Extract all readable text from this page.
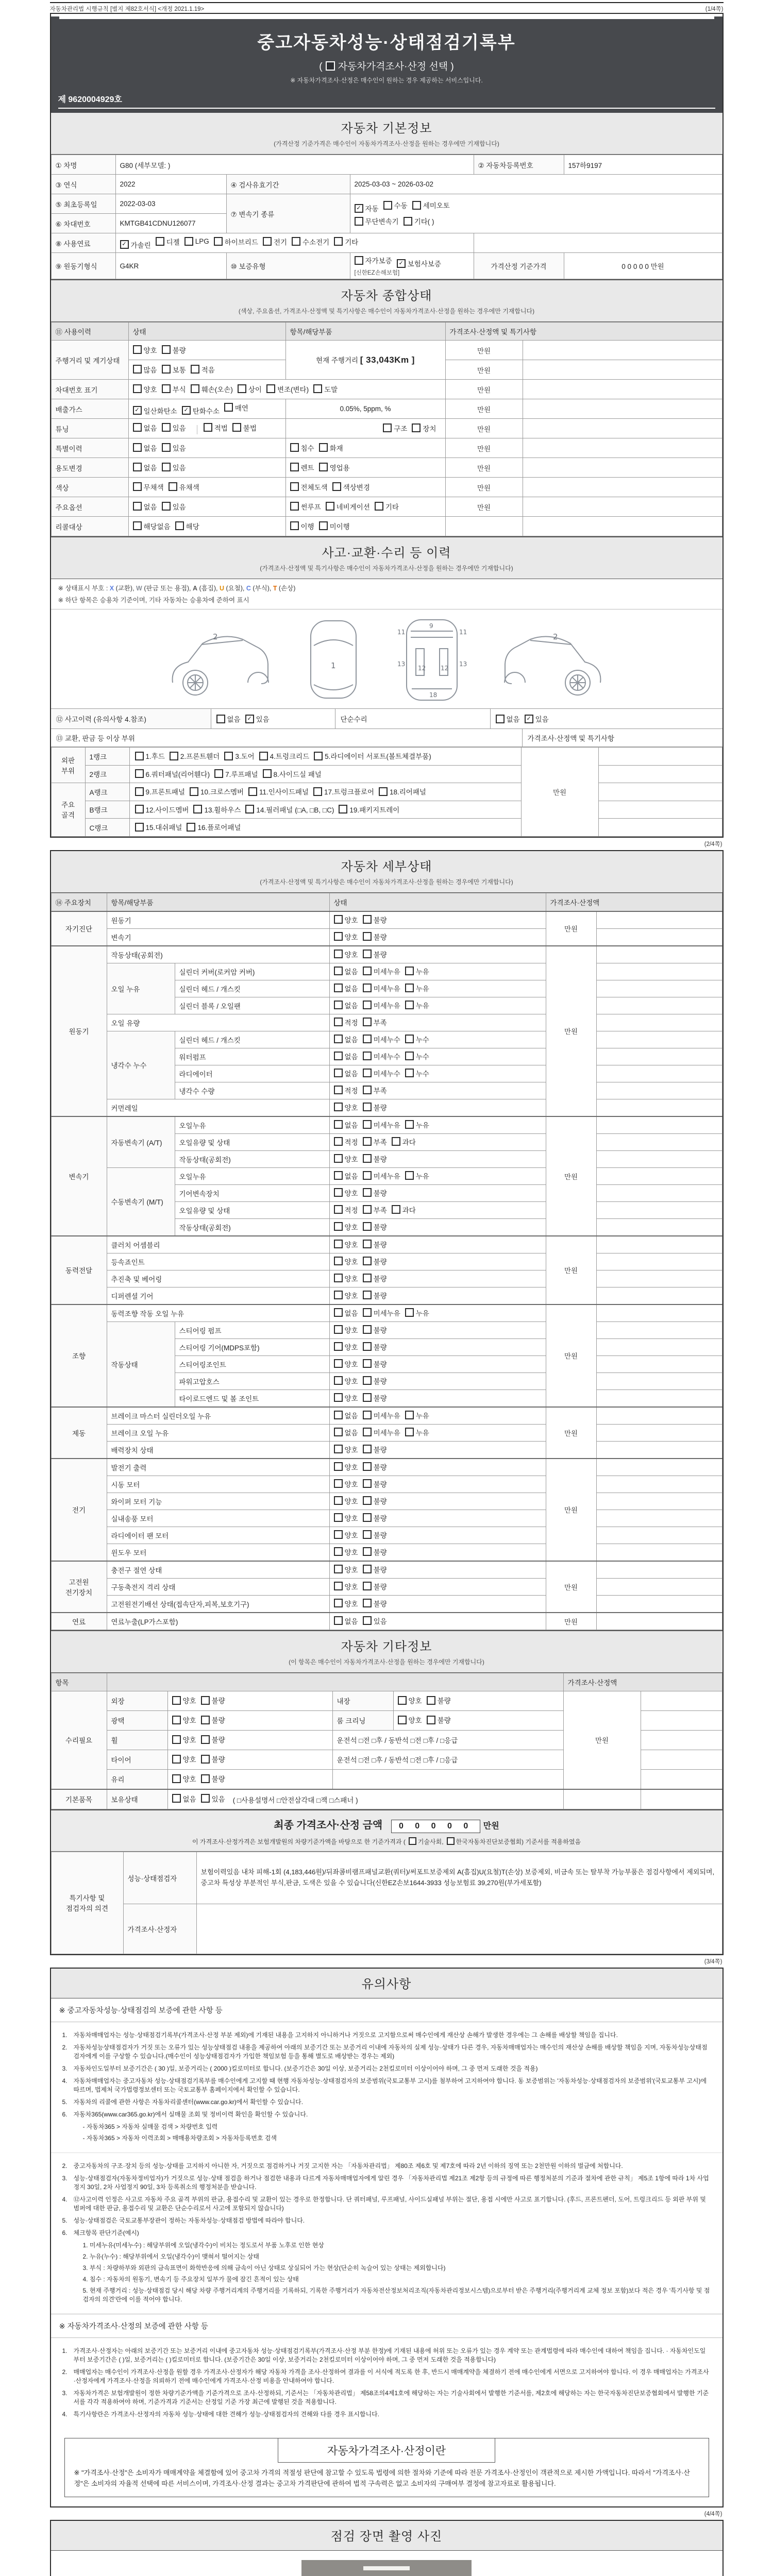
자동차관리법 시행규칙 [별지 제82호서식] <개정 2021.1.19>	(1/4쪽)
중고자동차성능·상태점검기록부
( 자동차가격조사·산정 선택 )
※ 자동차가격조사·산정은 매수인이 원하는 경우 제공하는 서비스입니다.
제 9620004929호
자동차 기본정보
(가격산정 기준가격은 매수인이 자동차가격조사·산정을 원하는 경우에만 기재합니다)
① 차명	G80 (세부모델: )			② 자동차등록번호	157하9197
③ 연식	2022	④ 검사유효기간	2025-03-03 ~ 2026-03-02		
⑤ 최초등록일	2022-03-03	⑦ 변속기 종류	
✓ 자동 수동 세미오토
무단변속기 기타( )

⑥ 차대번호	KMTGB41CDNU126077				
⑧ 사용연료	✓ 가솔린 디젤 LPG 하이브리드 전기 수소전기 기타

⑨ 원동기형식	G4KR	⑩ 보증유형	자가보증 ✓ 보험사보증
[신한EZ손해보험]	가격산정 기준가격	0 0 0 0 0 만원
자동차 종합상태
(색상, 주요옵션, 가격조사·산정액 및 특기사항은 매수인이 자동차가격조사·산정을 원하는 경우에만 기재합니다)
⑪ 사용이력	상태	항목/해당부품	가격조사·산정액 및 특기사항	
주행거리 및 계기상태	양호 불량	현재 주행거리 [ 33,043Km ]	만원	

	많음 보통 적음		만원	
차대번호 표기	양호 부식 훼손(오손) 상이 변조(변타) 도말	만원	
배출가스	✓ 일산화탄소 ✓ 탄화수소 매연	0.05%, 5ppm, %	만원	
튜닝	없음 있음 적법 불법	구조 장치	만원	
특별이력	없음 있음	침수 화재	만원	
용도변경	없음 있음	렌트 영업용	만원	
색상	무채색 유채색	전체도색 색상변경	만원	
주요옵션	없음 있음	썬루프 네비게이션 기타	만원	
리콜대상	해당없음 해당	이행 미이행		

사고·교환·수리 등 이력
(가격조사·산정액 및 특기사항은 매수인이 자동차가격조사·산정을 원하는 경우에만 기재합니다)
※ 상태표시 부호 : X (교환), W (판금 또는 용접), A (흠집), U (요철), C (부식), T (손상)
※ 하단 항목은 승용차 기준이며, 기타 자동차는 승용차에 준하여 표시
2
1
11
9
11
13
12 12
13
18
2
⑫ 사고이력 (유의사항 4.참조)	없음	✓ 있음	단순수리	없음	✓ 있음
⑬ 교환, 판금 등 이상 부위	가격조사·산정액 및 특기사항
외판 부위	1랭크	1.후드 2.프론트휀더 3.도어 4.트렁크리드 5.라디에이터 서포트(볼트체결부품)	만원	
	2랭크	6.쿼터패널(리어휀다) 7.루프패널 8.사이드실 패널		

주요 골격	A랭크	9.프론트패널 10.크로스멤버 11.인사이드패널 17.트렁크플로어 18.리어패널		

	B랭크	12.사이드멤버 13.휠하우스 14.필러패널 (□A, □B, □C) 19.패키지트레이		

	C랭크	15.대쉬패널 16.플로어패널		

(2/4쪽)
자동차 세부상태
(가격조사·산정액 및 특기사항은 매수인이 자동차가격조사·산정을 원하는 경우에만 기재합니다)
⑭ 주요장치	항목/해당부품		상태	가격조사·산정액	
자기진단	원동기		양호 불량	만원	
	변속기		양호 불량		

원동기	작동상태(공회전)		양호 불량	만원	
	오일 누유	실린더 커버(로커암 커버)	없음 미세누유 누유		

		실린더 헤드 / 개스킷	없음 미세누유 누유		

		실린더 블록 / 오일팬	없음 미세누유 누유		

	오일 유량		적정 부족		

	냉각수 누수	실린더 헤드 / 개스킷	없음 미세누수 누수		

		워터펌프	없음 미세누수 누수		

		라디에이터	없음 미세누수 누수		

		냉각수 수량	적정 부족		

	커먼레일		양호 불량		

변속기	자동변속기 (A/T)	오일누유	없음 미세누유 누유	만원	
		오일유량 및 상태	적정 부족 과다		

		작동상태(공회전)	양호 불량		

	수동변속기 (M/T)	오일누유	없음 미세누유 누유		

		기어변속장치	양호 불량		

		오일유량 및 상태	적정 부족 과다		

		작동상태(공회전)	양호 불량		

동력전달	클러치 어셈블리		양호 불량	만원	
	등속죠인트		양호 불량		

	추진축 및 베어링		양호 불량		

	디퍼렌셜 기어		양호 불량		

조향	동력조향 작동 오일 누유		없음 미세누유 누유	만원	
	작동상태	스티어링 펌프	양호 불량		

		스티어링 기어(MDPS포함)	양호 불량		

		스티어링조인트	양호 불량		

		파워고압호스	양호 불량		

		타이로드엔드 및 볼 조인트	양호 불량		

제동	브레이크 마스터 실린더오일 누유		없음 미세누유 누유	만원	
	브레이크 오일 누유		없음 미세누유 누유		

	배력장치 상태		양호 불량		

전기	발전기 출력		양호 불량	만원	
	시동 모터		양호 불량		

	와이퍼 모터 기능		양호 불량		

	실내송풍 모터		양호 불량		

	라디에이터 팬 모터		양호 불량		

	윈도우 모터		양호 불량		

고전원 전기장치	충전구 절연 상태		양호 불량	만원	
	구동축전지 격리 상태		양호 불량		

	고전원전기배선 상태(접속단자,피복,보호기구)		양호 불량		

연료	연료누출(LP가스포함)		없음 있음	만원	
자동차 기타정보
(이 항목은 매수인이 자동차가격조사·산정을 원하는 경우에만 기재합니다)
항목					가격조사·산정액	
수리필요	외장	양호 불량	내장	양호 불량	만원	
	광택	양호 불량	룸 크리닝	양호 불량		

	휠	양호 불량	운전석 □전 □후 / 동반석 □전 □후 / □응급			
	타이어	양호 불량	운전석 □전 □후 / 동반석 □전 □후 / □응급			
	유리	양호 불량				

기본품목	보유상태	없음 있음 ( □사용설명서 □안전삼각대 □잭 □스패너 )				
최종 가격조사·산정 금액 0 0 0 0 0 만원
이 가격조사·산정가격은 보험개발원의 차량기준가액을 바탕으로 한 기준가격과 ( 기술사회, 한국자동차진단보증협회) 기준서를 적용하였음
특기사항 및 점검자의 의견	성능·상태점검자	보험이력있음 내차 피해-1회 (4,183,446원)/뒤좌콤비램프패널교환(쿼터)/써포트보증제외 A(흠집)U(요철)T(손상) 보증제외, 비금속 또는 탈부착 가능부품은 점검사항에서 제외되며, 중고차 특성상 부분적인 부식,판금, 도색은 있을 수 있습니다(신한EZ손보1644-3933 성능보험료 39,270원(부가세포함)
	가격조사·산정자	
(3/4쪽)
유의사항
※ 중고자동차성능·상태점검의 보증에 관한 사항 등
1. 자동차매매업자는 성능·상태점검기록부(가격조사·산정 부분 제외)에 기재된 내용을 고지하지 아니하거나 거짓으로 고지함으로써 매수인에게 재산상 손해가 발생한 경우에는 그 손해를 배상할 책임을 집니다.
2. 자동차성능상태점검자가 거짓 또는 오류가 있는 성능상태점검 내용을 제공하여 아래의 보증기간 또는 보증거리 이내에 자동차의 실제 성능·상태가 다른 경우, 자동차매매업자는 매수인의 재산상 손해를 배상할 책임을 지며, 자동차성능상태점검자에게 이를 구상할 수 있습니다.(매수인이 성능상태점검자가 가입한 책임보험 등을 통해 별도로 배상받는 경우는 제외)
3. 자동차인도일부터 보증기간은 ( 30 )일, 보증거리는 ( 2000 )킬로미터로 합니다. (보증기간은 30일 이상, 보증거리는 2천킬로미터 이상이어야 하며, 그 중 먼저 도래한 것을 적용)
4. 자동차매매업자는 중고자동차 성능·상태점검기록부를 매수인에게 고지할 때 현행 자동차성능·상태점검자의 보증범위(국토교통부 고시)를 첨부하여 고지하여야 합니다. 동 보증범위는 '자동차성능·상태점검자의 보증범위'(국토교통부 고시)에 따르며, 법제처 국가법령정보센터 또는 국토교통부 홈페이지에서 확인할 수 있습니다.
5. 자동차의 리콜에 관한 사항은 자동차리콜센터(www.car.go.kr)에서 확인할 수 있습니다.
6. 자동차365(www.car365.go.kr)에서 실매물 조회 및 정비이력 확인을 확인할 수 있습니다.
- 자동차365 > 자동차 실매물 검색 > 차량번호 입력
- 자동차365 > 자동차 이력조회 > 매매용차량조회 > 자동차등록번호 검색
2. 중고자동차의 구조·장치 등의 성능·상태를 고지하지 아니한 자, 거짓으로 점검하거나 거짓 고지한 자는 「자동차관리법」 제80조 제6호 및 제7호에 따라 2년 이하의 징역 또는 2천만원 이하의 벌금에 처합니다.
3. 성능·상태점검자(자동차정비업자)가 거짓으로 성능·상태 점검을 하거나 점검한 내용과 다르게 자동차매매업자에게 알린 경우 「자동차관리법 제21조 제2항 등의 규정에 따른 행정처분의 기준과 절차에 관한 규칙」 제5조 1항에 따라 1차 사업정지 30일, 2차 사업정지 90일, 3차 등록취소의 행정처분을 받습니다.
4. ⑫사고이력 인정은 사고로 자동차 주요 골격 부위의 판금, 용접수리 및 교환이 있는 경우로 한정합니다. 단 쿼터패널, 루프패널, 사이드실패널 부위는 절단, 용접 시에만 사고로 표기합니다. (후드, 프론트펜더, 도어, 트렁크리드 등 외판 부위 및 범퍼에 대한 판금, 용접수리 및 교환은 단순수리로서 사고에 포함되지 않습니다)
5. 성능·상태점검은 국토교통부장관이 정하는 자동차성능·상태점검 방법에 따라야 합니다.
6. 체크항목 판단기준(예시)
1. 미세누유(미세누수) : 해당부위에 오일(냉각수)이 비치는 정도로서 부품 노후로 인한 현상
2. 누유(누수) : 해당부위에서 오일(냉각수)이 맺혀서 떨어지는 상태
3. 부식 : 차량하부와 외판의 금속표면이 화학반응에 의해 금속이 아닌 상태로 상실되어 가는 현상(단순히 녹슬어 있는 상태는 제외합니다)
4. 침수 : 자동차의 원동기, 변속기 등 주요장치 일부가 물에 잠긴 흔적이 있는 상태
5. 현재 주행거리 : 성능·상태점검 당시 해당 차량 주행거리계의 주행거리를 기록하되, 기록한 주행거리가 자동차전산정보처리조직(자동차관리정보시스템)으로부터 받은 주행거리(주행거리계 교체 정보 포함)보다 적은 경우 '특기사항 및 점검자의 의견'란에 이를 적어야 합니다.
※ 자동차가격조사·산정의 보증에 관한 사항 등
1. 가격조사·산정자는 아래의 보증기간 또는 보증거리 이내에 중고자동차 성능·상태점검기록부(가격조사·산정 부분 한정)에 기재된 내용에 허위 또는 오류가 있는 경우 계약 또는 관계법령에 따라 매수인에 대하여 책임을 집니다. · 자동차인도일부터 보증기간은 ( )일, 보증거리는 ( )킬로미터로 합니다. (보증기간은 30일 이상, 보증거리는 2천킬로미터 이상이어야 하며, 그 중 먼저 도래한 것을 적용합니다)
2. 매매업자는 매수인이 가격조사·산정을 원할 경우 가격조사·산정자가 해당 자동차 가격을 조사·산정하여 결과를 이 서식에 적도록 한 후, 반드시 매매계약을 체결하기 전에 매수인에게 서면으로 고지하여야 합니다. 이 경우 매매업자는 가격조사·산정자에게 가격조사·산정을 의뢰하기 전에 매수인에게 가격조사·산정 비용을 안내하여야 합니다.
3. 자동차가격은 보험개발원이 정한 차량기준가액을 기준가격으로 조사·산정하되, 기준서는 「자동차관리법」 제58조의4제1호에 해당하는 자는 기술사회에서 발행한 기준서를, 제2호에 해당하는 자는 한국자동차진단보증협회에서 발행한 기준서를 각각 적용하여야 하며, 기준가격과 기준서는 산정일 기준 가장 최근에 발행된 것을 적용합니다.
4. 특기사항란은 가격조사·산정자의 자동차 성능·상태에 대한 견해가 성능·상태점검자의 견해와 다를 경우 표시합니다.
자동차가격조사·산정이란
※ "가격조사·산정"은 소비자가 매매계약을 체결함에 있어 중고차 가격의 적절성 판단에 참고할 수 있도록 법령에 의한 절차와 기준에 따라 전문 가격조사·산정인이 객관적으로 제시한 가액입니다. 따라서 "가격조사·산정"은 소비자의 자율적 선택에 따른 서비스이며, 가격조사·산정 결과는 중고차 가격판단에 관하여 법적 구속력은 없고 소비자의 구매여부 결정에 참고자료로 활용됩니다.
(4/4쪽)
점검 장면 촬영 사진
